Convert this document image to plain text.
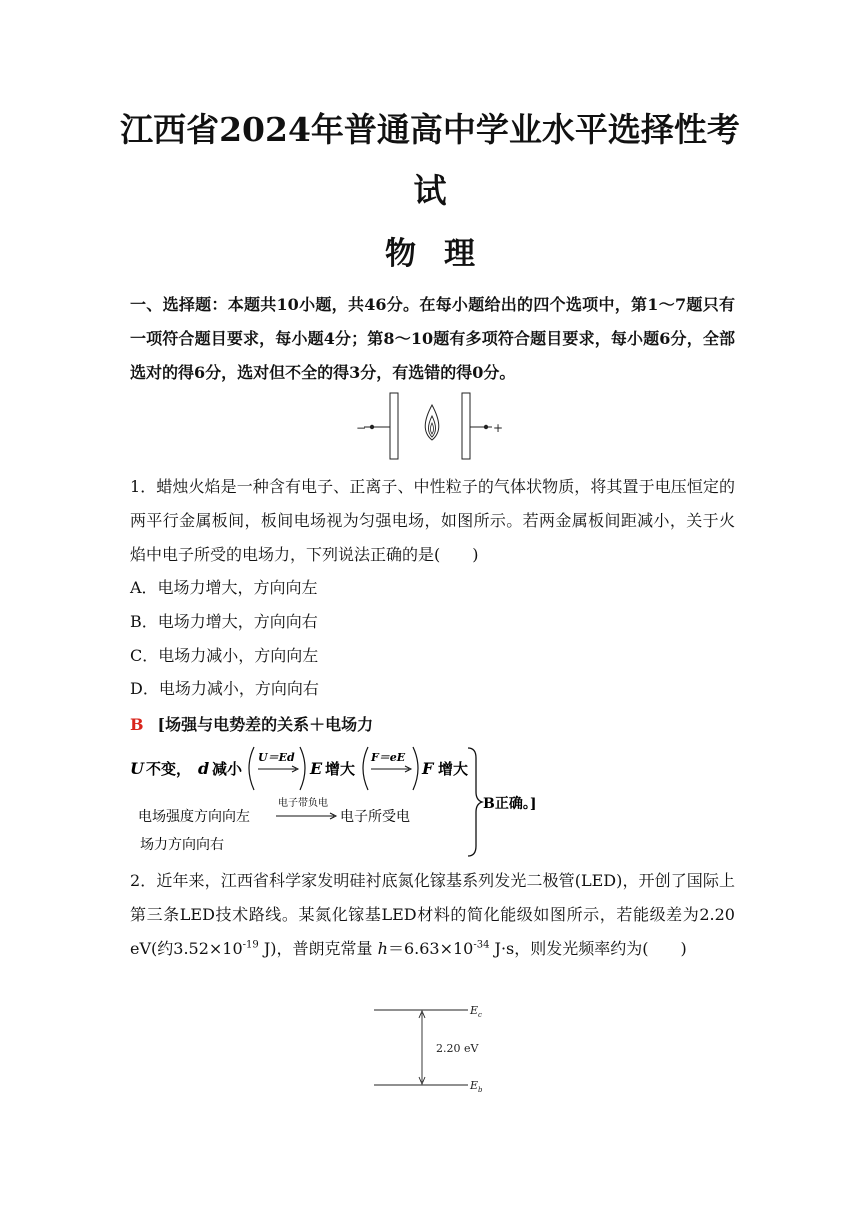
江西省2024年普通高中学业水平选择性考
试
物理
一、选择题：本题共10小题，共46分。在每小题给出的四个选项中，第1～7题只有一项符合题目要求，每小题4分；第8～10题有多项符合题目要求，每小题6分，全部选对的得6分，选对但不全的得3分，有选错的得0分。
−	+
1．蜡烛火焰是一种含有电子、正离子、中性粒子的气体状物质，将其置于电压恒定的两平行金属板间，板间电场视为匀强电场，如图所示。若两金属板间距减小，关于火焰中电子所受的电场力，下列说法正确的是(　　)
A．电场力增大，方向向左
B．电场力增大，方向向右
C．电场力减小，方向向左
D．电场力减小，方向向右
B [场强与电势差的关系＋电场力
U 不变， d 减小
U＝Ed
E 增大
F＝eE
F 增大
电场强度方向向左
电子带负电
电子所受电
场力方向向右
B正确。]
2．近年来，江西省科学家发明硅衬底氮化镓基系列发光二极管(LED)，开创了国际上第三条LED技术路线。某氮化镓基LED材料的简化能级如图所示，若能级差为2.20 eV(约$3.52\times 10^{-19}$ J)，普朗克常量 $h=6.63\times 10^{-34}$ J·s，则发光频率约为(　　)
$E_c$
$E_b$
2.20 eV
